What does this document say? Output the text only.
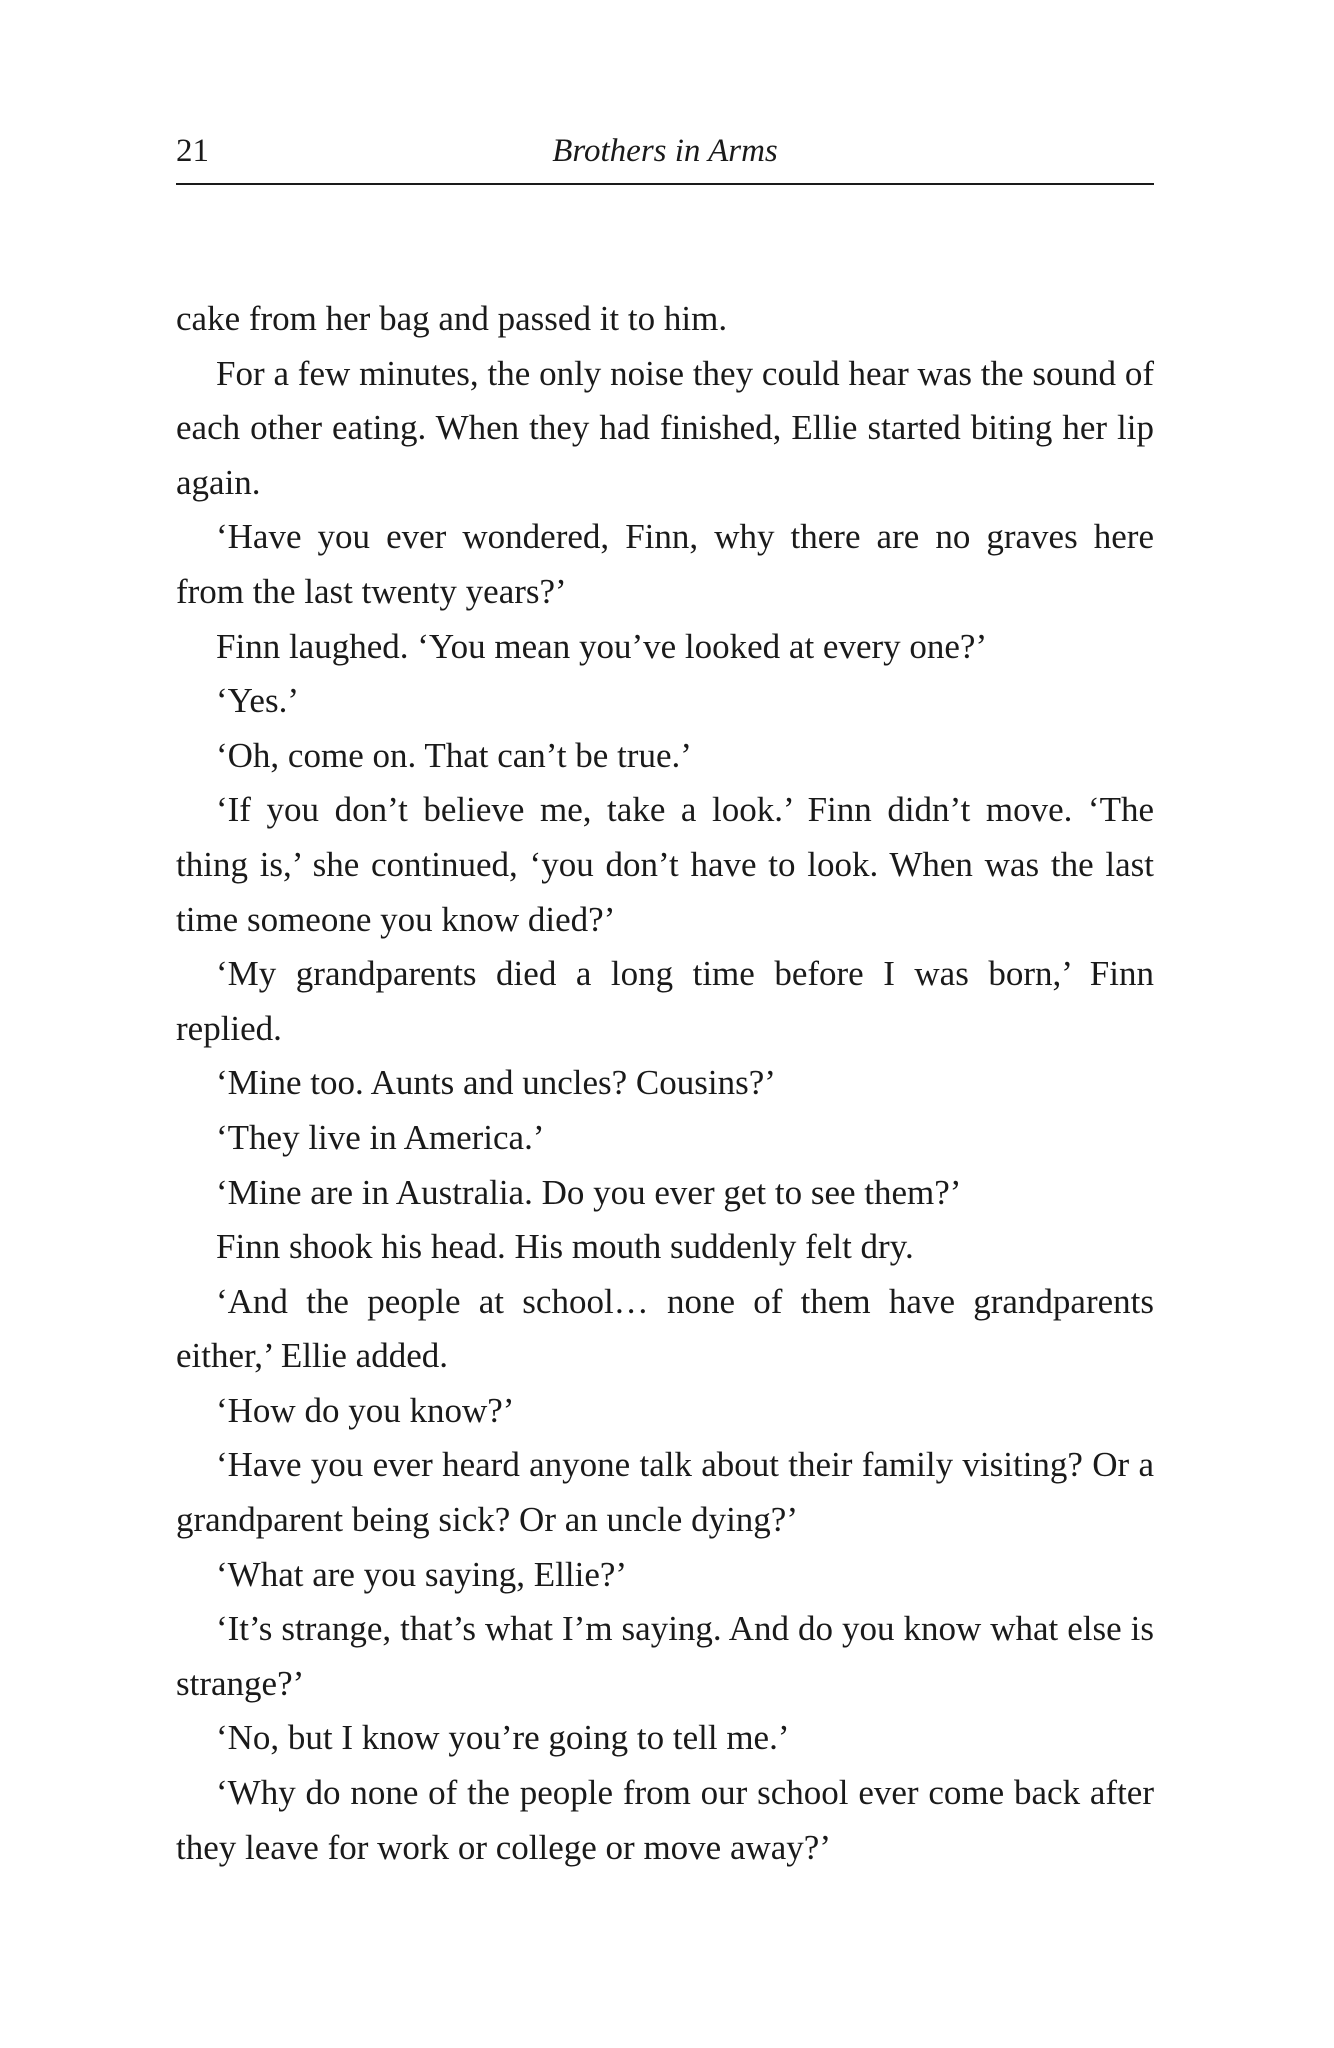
21	Brothers in Arms

cake from her bag and passed it to him.

For a few minutes, the only noise they could hear was the sound of each other eating. When they had finished, Ellie started biting her lip again.

‘Have you ever wondered, Finn, why there are no graves here from the last twenty years?’

Finn laughed. ‘You mean you’ve looked at every one?’

‘Yes.’

‘Oh, come on. That can’t be true.’

‘If you don’t believe me, take a look.’ Finn didn’t move. ‘The thing is,’ she continued, ‘you don’t have to look. When was the last time someone you know died?’

‘My grandparents died a long time before I was born,’ Finn replied.

‘Mine too. Aunts and uncles? Cousins?’

‘They live in America.’

‘Mine are in Australia. Do you ever get to see them?’

Finn shook his head. His mouth suddenly felt dry.

‘And the people at school… none of them have grandparents either,’ Ellie added.

‘How do you know?’

‘Have you ever heard anyone talk about their family visiting? Or a grandparent being sick? Or an uncle dying?’

‘What are you saying, Ellie?’

‘It’s strange, that’s what I’m saying. And do you know what else is strange?’

‘No, but I know you’re going to tell me.’

‘Why do none of the people from our school ever come back after they leave for work or college or move away?’
